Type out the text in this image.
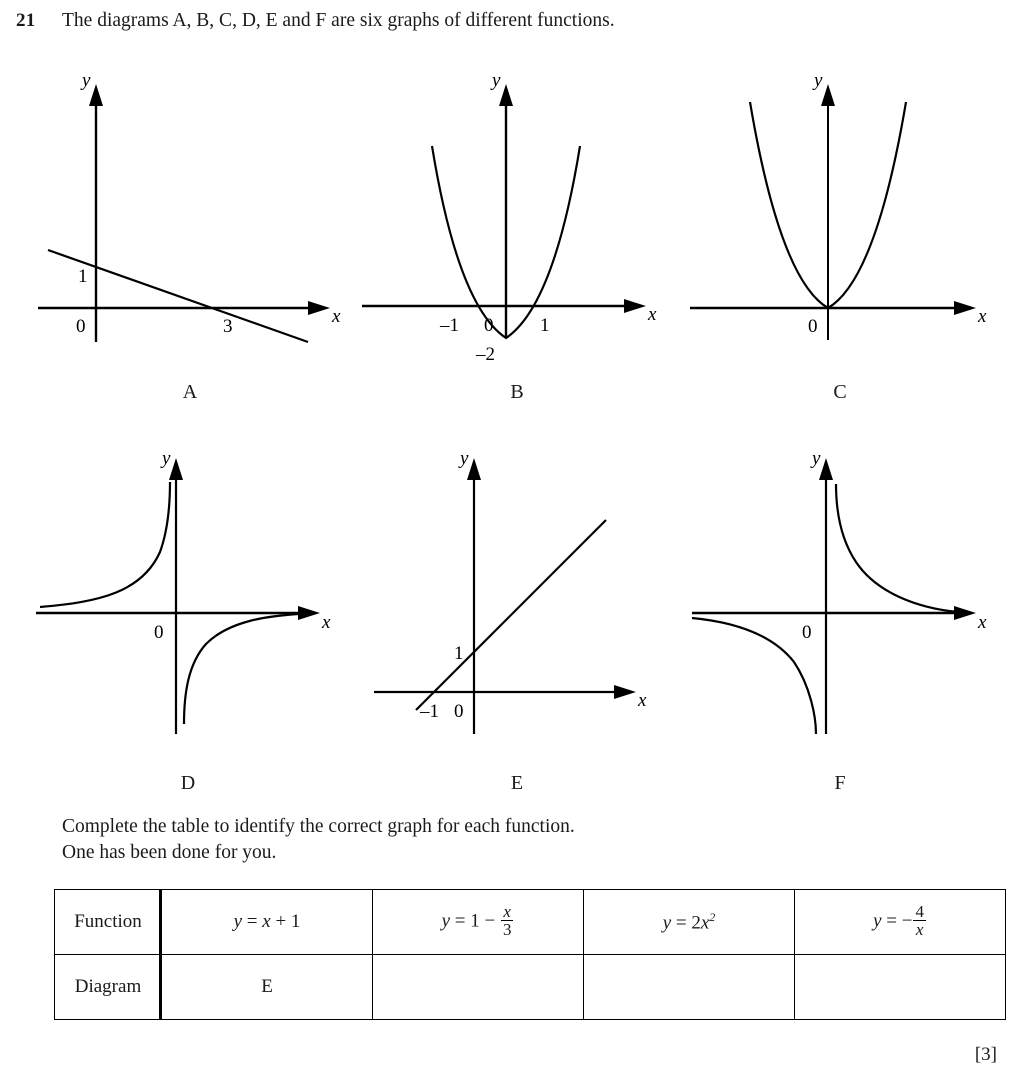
21 The diagrams A, B, C, D, E and F are six graphs of different functions.
y
x
1
0	3
A
y
x
–1 0 1
–2
B
y
x
0
C
y
x
0
D
y
x
1
–1 0
E
y
x
0
F
Complete the table to identify the correct graph for each function.
One has been done for you.
Function	y = x + 1	$y = 1 - \frac{x}{3}$	$y = 2x^2$	y = − $\frac{4}{x}$

Diagram	E			
[3]
